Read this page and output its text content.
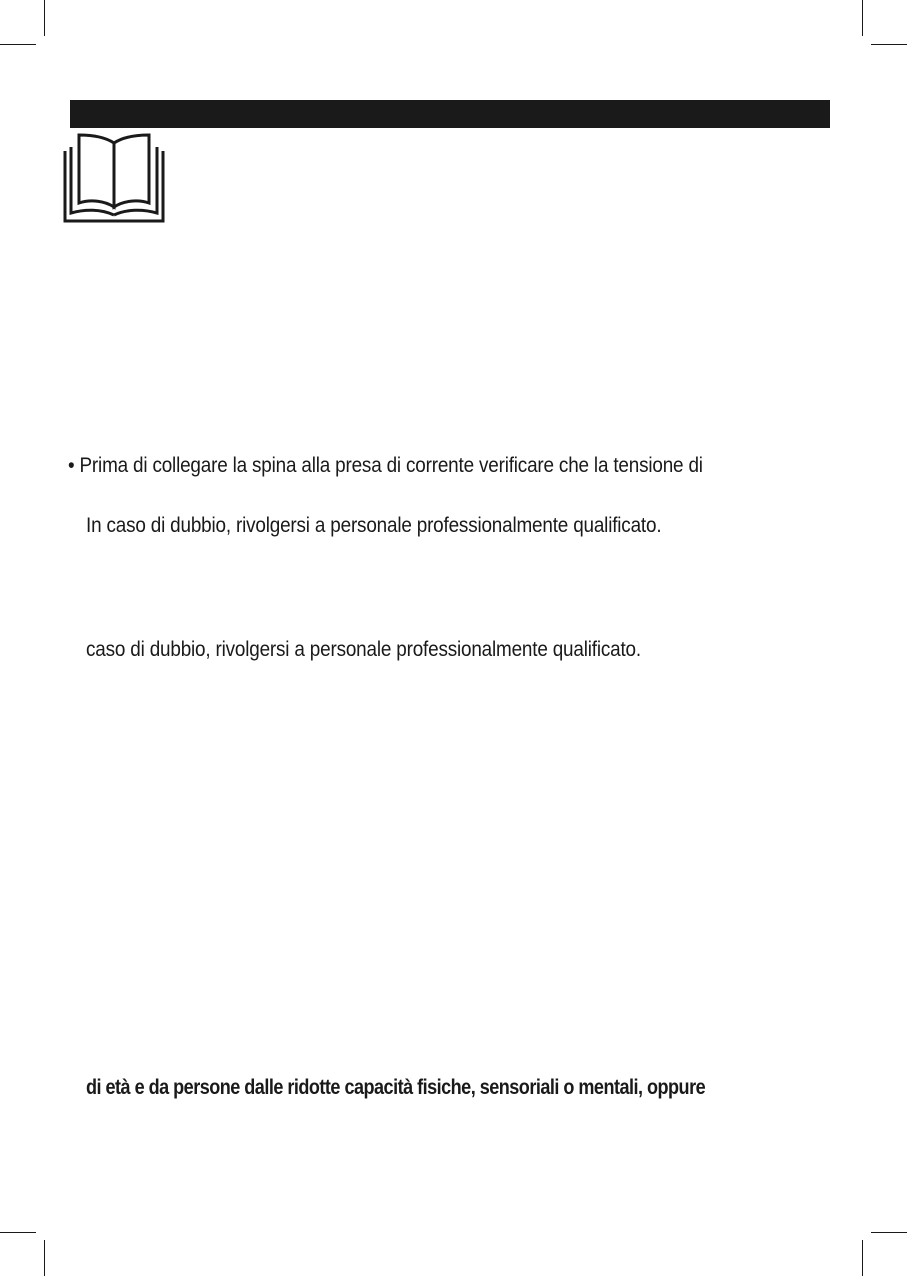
• Prima di collegare la spina alla presa di corrente verificare che la tensione di
In caso di dubbio, rivolgersi a personale professionalmente qualificato.
caso di dubbio, rivolgersi a personale professionalmente qualificato.
di età e da persone dalle ridotte capacità fisiche, sensoriali o mentali, oppure
